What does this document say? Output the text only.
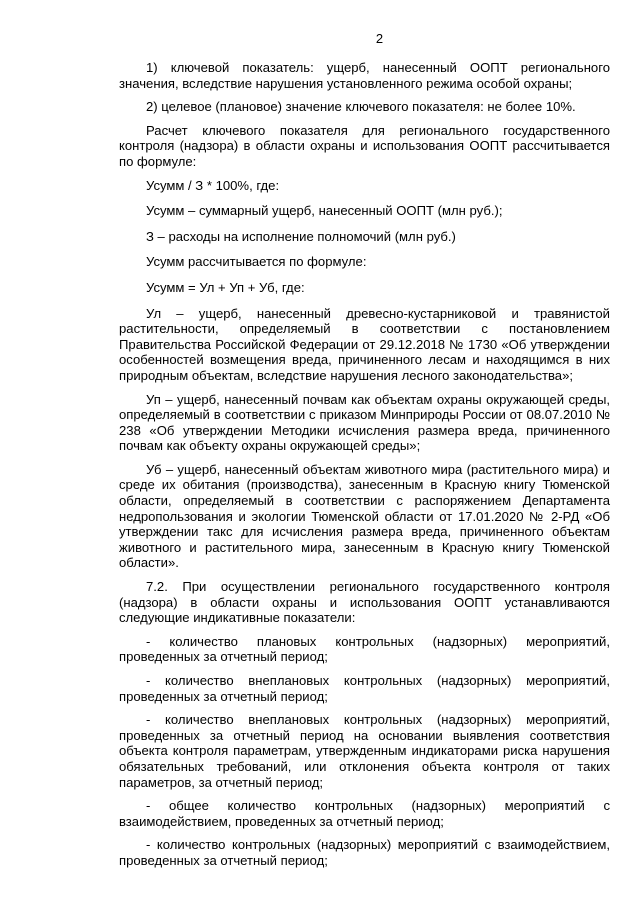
2

1) ключевой показатель: ущерб, нанесенный ООПТ регионального значения, вследствие нарушения установленного режима особой охраны;

2) целевое (плановое) значение ключевого показателя: не более 10%.

Расчет ключевого показателя для регионального государственного контроля (надзора) в области охраны и использования ООПТ рассчитывается по формуле:

Усумм / З * 100%, где:

Усумм – суммарный ущерб, нанесенный ООПТ (млн руб.);

З – расходы на исполнение полномочий (млн руб.)

Усумм рассчитывается по формуле:

Усумм = Ул + Уп + Уб, где:

Ул – ущерб, нанесенный древесно-кустарниковой и травянистой растительности, определяемый в соответствии с постановлением Правительства Российской Федерации от 29.12.2018 № 1730 «Об утверждении особенностей возмещения вреда, причиненного лесам и находящимся в них природным объектам, вследствие нарушения лесного законодательства»;

Уп – ущерб, нанесенный почвам как объектам охраны окружающей среды, определяемый в соответствии с приказом Минприроды России от 08.07.2010 № 238 «Об утверждении Методики исчисления размера вреда, причиненного почвам как объекту охраны окружающей среды»;

Уб – ущерб, нанесенный объектам животного мира (растительного мира) и среде их обитания (производства), занесенным в Красную книгу Тюменской области, определяемый в соответствии с распоряжением Департамента недропользования и экологии Тюменской области от 17.01.2020 № 2-РД «Об утверждении такс для исчисления размера вреда, причиненного объектам животного и растительного мира, занесенным в Красную книгу Тюменской области».

7.2. При осуществлении регионального государственного контроля (надзора) в области охраны и использования ООПТ устанавливаются следующие индикативные показатели:

- количество плановых контрольных (надзорных) мероприятий, проведенных за отчетный период;

- количество внеплановых контрольных (надзорных) мероприятий, проведенных за отчетный период;

- количество внеплановых контрольных (надзорных) мероприятий, проведенных за отчетный период на основании выявления соответствия объекта контроля параметрам, утвержденным индикаторами риска нарушения обязательных требований, или отклонения объекта контроля от таких параметров, за отчетный период;

- общее количество контрольных (надзорных) мероприятий с взаимодействием, проведенных за отчетный период;

- количество контрольных (надзорных) мероприятий с взаимодействием, проведенных за отчетный период;
